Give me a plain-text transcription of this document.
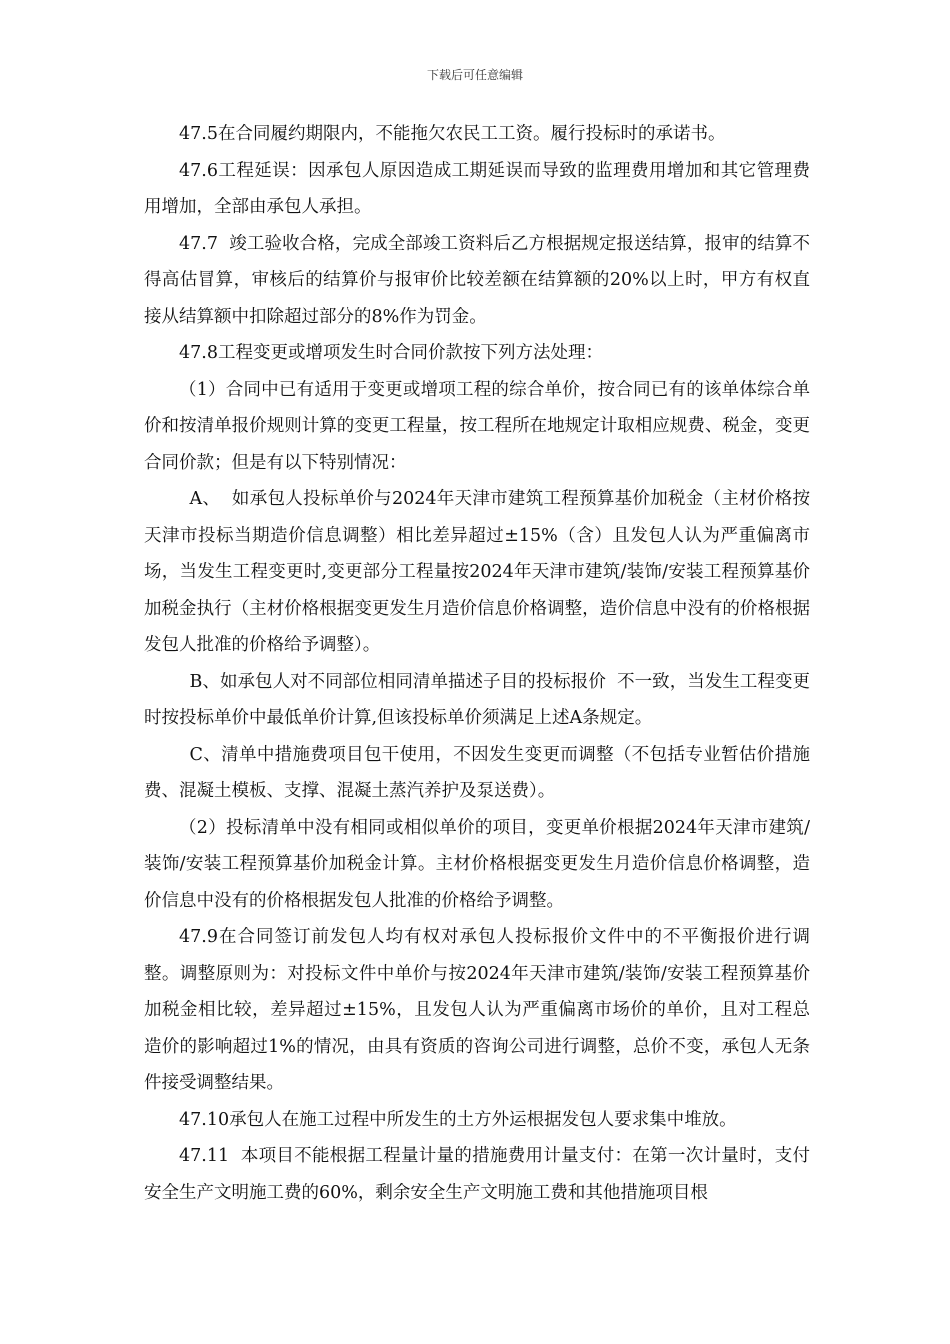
下载后可任意编辑

47.5在合同履约期限内，不能拖欠农民工工资。履行投标时的承诺书。

47.6工程延误：因承包人原因造成工期延误而导致的监理费用增加和其它管理费用增加，全部由承包人承担。

47.7  竣工验收合格，完成全部竣工资料后乙方根据规定报送结算，报审的结算不得高估冒算，审核后的结算价与报审价比较差额在结算额的20%以上时，甲方有权直接从结算额中扣除超过部分的8%作为罚金。

47.8工程变更或增项发生时合同价款按下列方法处理：

（1）合同中已有适用于变更或增项工程的综合单价，按合同已有的该单体综合单价和按清单报价规则计算的变更工程量，按工程所在地规定计取相应规费、税金，变更合同价款；但是有以下特别情况：

A、  如承包人投标单价与2024年天津市建筑工程预算基价加税金（主材价格按天津市投标当期造价信息调整）相比差异超过±15%（含）且发包人认为严重偏离市场，当发生工程变更时,变更部分工程量按2024年天津市建筑/装饰/安装工程预算基价加税金执行（主材价格根据变更发生月造价信息价格调整，造价信息中没有的价格根据发包人批准的价格给予调整）。

B、如承包人对不同部位相同清单描述子目的投标报价  不一致，当发生工程变更时按投标单价中最低单价计算,但该投标单价须满足上述A条规定。

C、清单中措施费项目包干使用，不因发生变更而调整（不包括专业暂估价措施费、混凝土模板、支撑、混凝土蒸汽养护及泵送费）。

（2）投标清单中没有相同或相似单价的项目，变更单价根据2024年天津市建筑/装饰/安装工程预算基价加税金计算。主材价格根据变更发生月造价信息价格调整，造价信息中没有的价格根据发包人批准的价格给予调整。

47.9在合同签订前发包人均有权对承包人投标报价文件中的不平衡报价进行调整。调整原则为：对投标文件中单价与按2024年天津市建筑/装饰/安装工程预算基价加税金相比较，差异超过±15%，且发包人认为严重偏离市场价的单价，且对工程总造价的影响超过1%的情况，由具有资质的咨询公司进行调整，总价不变，承包人无条件接受调整结果。

47.10承包人在施工过程中所发生的土方外运根据发包人要求集中堆放。

47.11  本项目不能根据工程量计量的措施费用计量支付：在第一次计量时，支付安全生产文明施工费的60%，剩余安全生产文明施工费和其他措施项目根
